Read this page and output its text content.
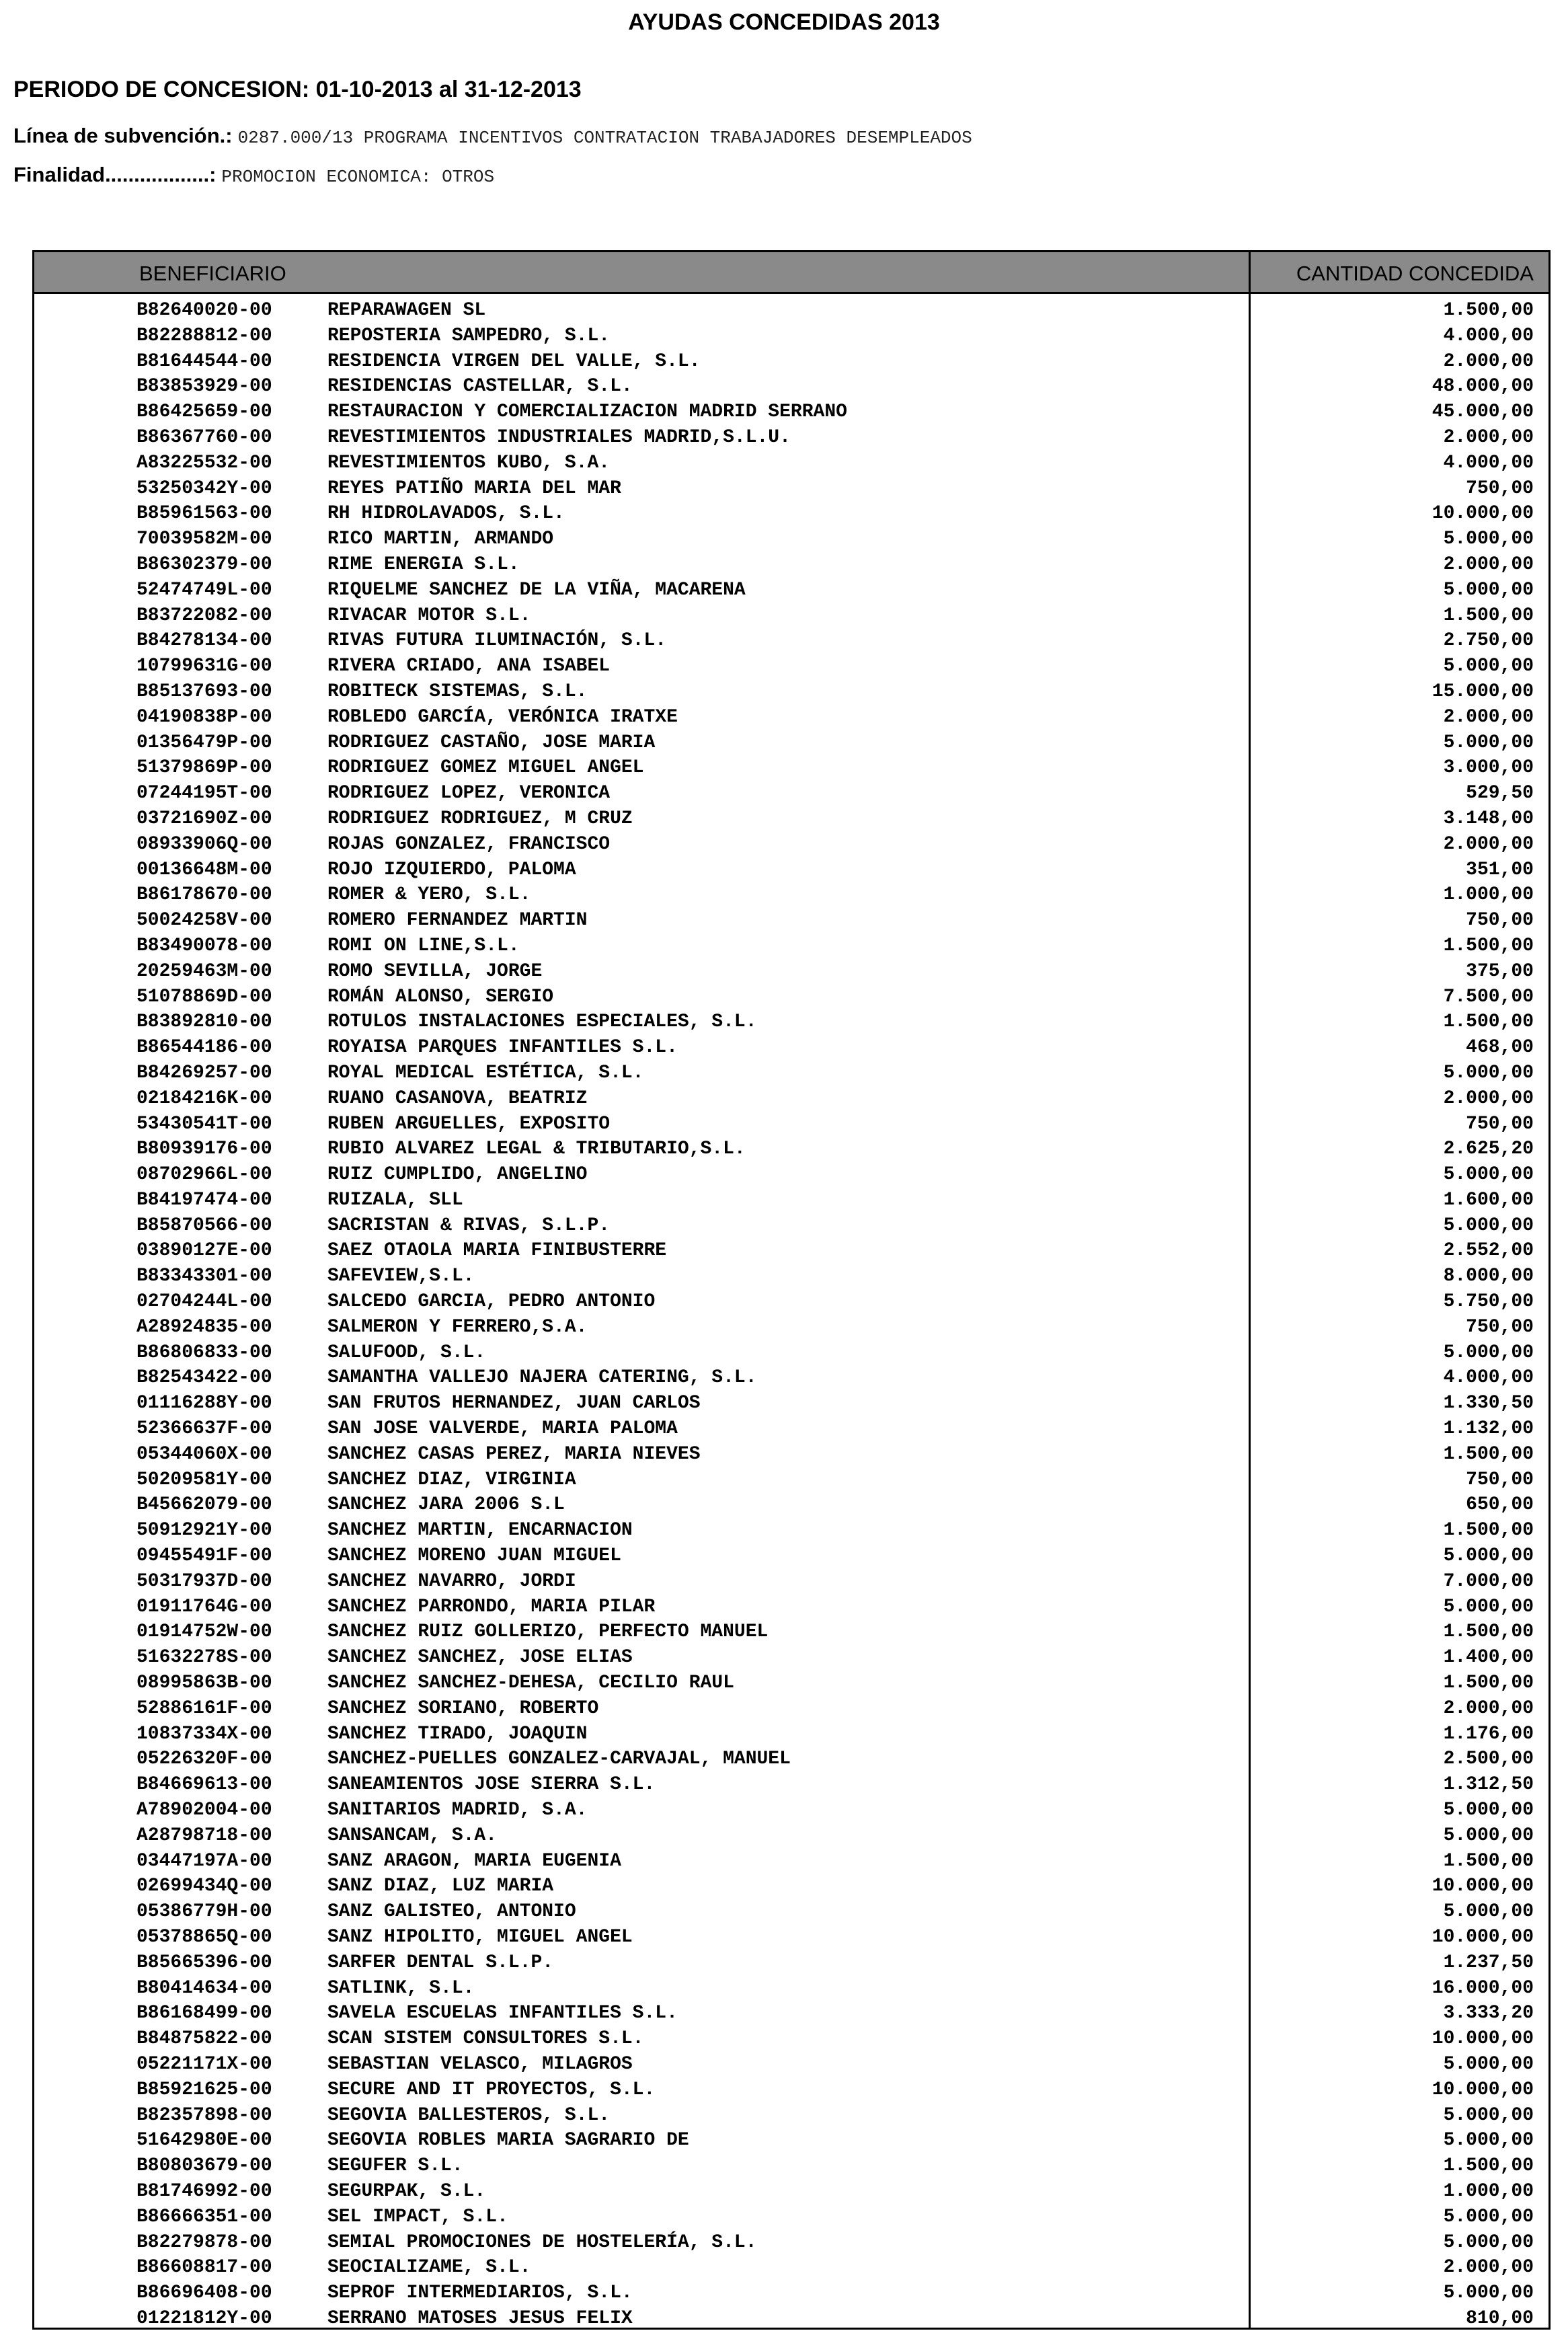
AYUDAS CONCEDIDAS 2013
PERIODO DE CONCESION: 01-10-2013 al 31-12-2013
Línea de subvención.: 0287.000/13 PROGRAMA INCENTIVOS CONTRATACION TRABAJADORES DESEMPLEADOS
Finalidad..................: PROMOCION ECONOMICA: OTROS
BENEFICIARIO	CANTIDAD CONCEDIDA
B82640020-00	REPARAWAGEN SL	1.500,00
B82288812-00	REPOSTERIA SAMPEDRO, S.L.	4.000,00
B81644544-00	RESIDENCIA VIRGEN DEL VALLE, S.L.	2.000,00
B83853929-00	RESIDENCIAS CASTELLAR, S.L.	48.000,00
B86425659-00	RESTAURACION Y COMERCIALIZACION MADRID SERRANO	45.000,00
B86367760-00	REVESTIMIENTOS INDUSTRIALES MADRID,S.L.U.	2.000,00
A83225532-00	REVESTIMIENTOS KUBO, S.A.	4.000,00
53250342Y-00	REYES PATIÑO MARIA DEL MAR	750,00
B85961563-00	RH HIDROLAVADOS, S.L.	10.000,00
70039582M-00	RICO MARTIN, ARMANDO	5.000,00
B86302379-00	RIME ENERGIA S.L.	2.000,00
52474749L-00	RIQUELME SANCHEZ DE LA VIÑA, MACARENA	5.000,00
B83722082-00	RIVACAR MOTOR S.L.	1.500,00
B84278134-00	RIVAS FUTURA ILUMINACIÓN, S.L.	2.750,00
10799631G-00	RIVERA CRIADO, ANA ISABEL	5.000,00
B85137693-00	ROBITECK SISTEMAS, S.L.	15.000,00
04190838P-00	ROBLEDO GARCÍA, VERÓNICA IRATXE	2.000,00
01356479P-00	RODRIGUEZ CASTAÑO, JOSE MARIA	5.000,00
51379869P-00	RODRIGUEZ GOMEZ MIGUEL ANGEL	3.000,00
07244195T-00	RODRIGUEZ LOPEZ, VERONICA	529,50
03721690Z-00	RODRIGUEZ RODRIGUEZ, M CRUZ	3.148,00
08933906Q-00	ROJAS GONZALEZ, FRANCISCO	2.000,00
00136648M-00	ROJO IZQUIERDO, PALOMA	351,00
B86178670-00	ROMER & YERO, S.L.	1.000,00
50024258V-00	ROMERO FERNANDEZ MARTIN	750,00
B83490078-00	ROMI ON LINE,S.L.	1.500,00
20259463M-00	ROMO SEVILLA, JORGE	375,00
51078869D-00	ROMÁN ALONSO, SERGIO	7.500,00
B83892810-00	ROTULOS INSTALACIONES ESPECIALES, S.L.	1.500,00
B86544186-00	ROYAISA PARQUES INFANTILES S.L.	468,00
B84269257-00	ROYAL MEDICAL ESTÉTICA, S.L.	5.000,00
02184216K-00	RUANO CASANOVA, BEATRIZ	2.000,00
53430541T-00	RUBEN ARGUELLES, EXPOSITO	750,00
B80939176-00	RUBIO ALVAREZ LEGAL & TRIBUTARIO,S.L.	2.625,20
08702966L-00	RUIZ CUMPLIDO, ANGELINO	5.000,00
B84197474-00	RUIZALA, SLL	1.600,00
B85870566-00	SACRISTAN & RIVAS, S.L.P.	5.000,00
03890127E-00	SAEZ OTAOLA MARIA FINIBUSTERRE	2.552,00
B83343301-00	SAFEVIEW,S.L.	8.000,00
02704244L-00	SALCEDO GARCIA, PEDRO ANTONIO	5.750,00
A28924835-00	SALMERON Y FERRERO,S.A.	750,00
B86806833-00	SALUFOOD, S.L.	5.000,00
B82543422-00	SAMANTHA VALLEJO NAJERA CATERING, S.L.	4.000,00
01116288Y-00	SAN FRUTOS HERNANDEZ, JUAN CARLOS	1.330,50
52366637F-00	SAN JOSE VALVERDE, MARIA PALOMA	1.132,00
05344060X-00	SANCHEZ CASAS PEREZ, MARIA NIEVES	1.500,00
50209581Y-00	SANCHEZ DIAZ, VIRGINIA	750,00
B45662079-00	SANCHEZ JARA 2006 S.L	650,00
50912921Y-00	SANCHEZ MARTIN, ENCARNACION	1.500,00
09455491F-00	SANCHEZ MORENO JUAN MIGUEL	5.000,00
50317937D-00	SANCHEZ NAVARRO, JORDI	7.000,00
01911764G-00	SANCHEZ PARRONDO, MARIA PILAR	5.000,00
01914752W-00	SANCHEZ RUIZ GOLLERIZO, PERFECTO MANUEL	1.500,00
51632278S-00	SANCHEZ SANCHEZ, JOSE ELIAS	1.400,00
08995863B-00	SANCHEZ SANCHEZ-DEHESA, CECILIO RAUL	1.500,00
52886161F-00	SANCHEZ SORIANO, ROBERTO	2.000,00
10837334X-00	SANCHEZ TIRADO, JOAQUIN	1.176,00
05226320F-00	SANCHEZ-PUELLES GONZALEZ-CARVAJAL, MANUEL	2.500,00
B84669613-00	SANEAMIENTOS JOSE SIERRA S.L.	1.312,50
A78902004-00	SANITARIOS MADRID, S.A.	5.000,00
A28798718-00	SANSANCAM, S.A.	5.000,00
03447197A-00	SANZ ARAGON, MARIA EUGENIA	1.500,00
02699434Q-00	SANZ DIAZ, LUZ MARIA	10.000,00
05386779H-00	SANZ GALISTEO, ANTONIO	5.000,00
05378865Q-00	SANZ HIPOLITO, MIGUEL ANGEL	10.000,00
B85665396-00	SARFER DENTAL S.L.P.	1.237,50
B80414634-00	SATLINK, S.L.	16.000,00
B86168499-00	SAVELA ESCUELAS INFANTILES S.L.	3.333,20
B84875822-00	SCAN SISTEM CONSULTORES S.L.	10.000,00
05221171X-00	SEBASTIAN VELASCO, MILAGROS	5.000,00
B85921625-00	SECURE AND IT PROYECTOS, S.L.	10.000,00
B82357898-00	SEGOVIA BALLESTEROS, S.L.	5.000,00
51642980E-00	SEGOVIA ROBLES MARIA SAGRARIO DE	5.000,00
B80803679-00	SEGUFER S.L.	1.500,00
B81746992-00	SEGURPAK, S.L.	1.000,00
B86666351-00	SEL IMPACT, S.L.	5.000,00
B82279878-00	SEMIAL PROMOCIONES DE HOSTELERÍA, S.L.	5.000,00
B86608817-00	SEOCIALIZAME, S.L.	2.000,00
B86696408-00	SEPROF INTERMEDIARIOS, S.L.	5.000,00
01221812Y-00	SERRANO MATOSES JESUS FELIX	810,00
